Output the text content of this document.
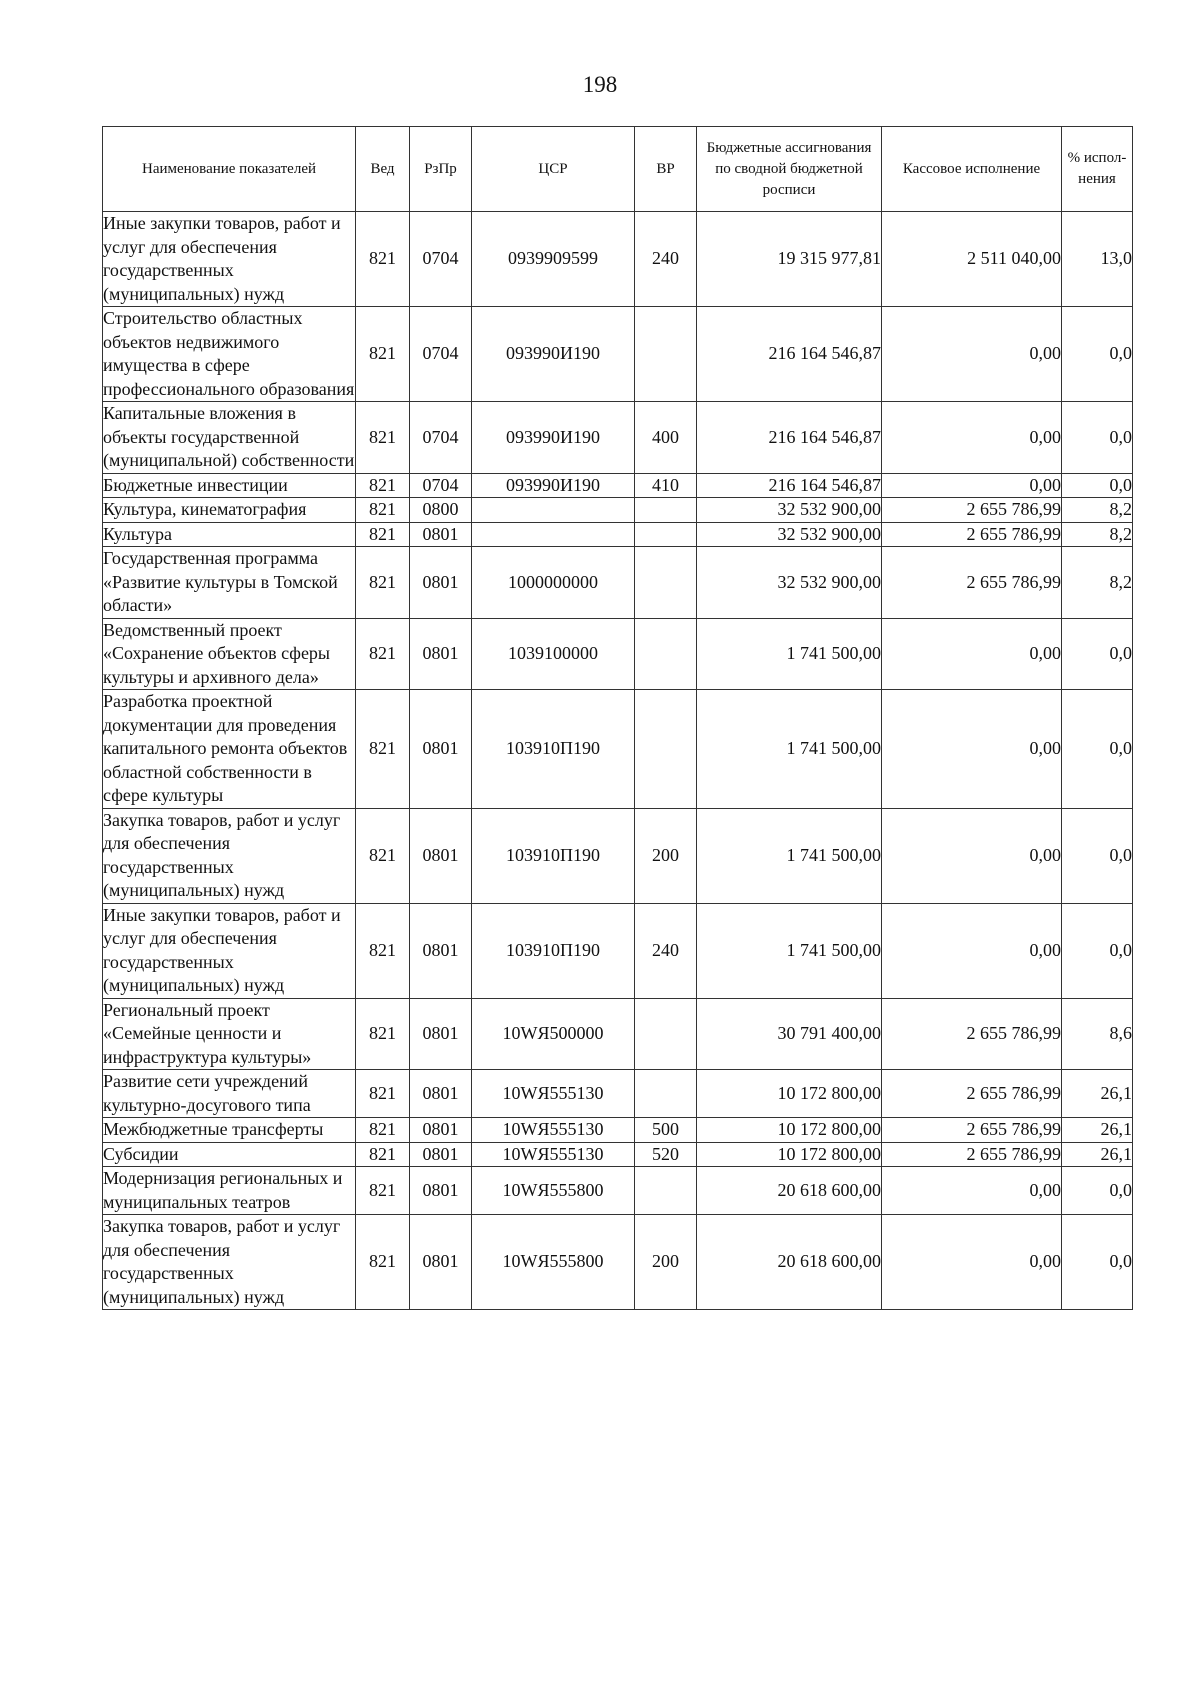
198
Наименование показателей	Вед	РзПр	ЦСР	ВР	Бюджетные ассигнования по сводной бюджетной росписи	Кассовое исполнение	% испол-нения
Иные закупки товаров, работ и услуг для обеспечения государственных (муниципальных) нужд	821	0704	0939909599	240	19 315 977,81	2 511 040,00	13,0
Строительство областных объектов недвижимого имущества в сфере профессионального образования	821	0704	093990И190		216 164 546,87	0,00	0,0
Капитальные вложения в объекты государственной (муниципальной) собственности	821	0704	093990И190	400	216 164 546,87	0,00	0,0
Бюджетные инвестиции	821	0704	093990И190	410	216 164 546,87	0,00	0,0
Культура, кинематография	821	0800			32 532 900,00	2 655 786,99	8,2
Культура	821	0801			32 532 900,00	2 655 786,99	8,2
Государственная программа «Развитие культуры в Томской области»	821	0801	1000000000		32 532 900,00	2 655 786,99	8,2
Ведомственный проект «Сохранение объектов сферы культуры и архивного дела»	821	0801	1039100000		1 741 500,00	0,00	0,0
Разработка проектной документации для проведения капитального ремонта объектов областной собственности в сфере культуры	821	0801	103910П190		1 741 500,00	0,00	0,0
Закупка товаров, работ и услуг для обеспечения государственных (муниципальных) нужд	821	0801	103910П190	200	1 741 500,00	0,00	0,0
Иные закупки товаров, работ и услуг для обеспечения государственных (муниципальных) нужд	821	0801	103910П190	240	1 741 500,00	0,00	0,0
Региональный проект «Семейные ценности и инфраструктура культуры»	821	0801	10WЯ500000		30 791 400,00	2 655 786,99	8,6
Развитие сети учреждений культурно-досугового типа	821	0801	10WЯ555130		10 172 800,00	2 655 786,99	26,1
Межбюджетные трансферты	821	0801	10WЯ555130	500	10 172 800,00	2 655 786,99	26,1
Субсидии	821	0801	10WЯ555130	520	10 172 800,00	2 655 786,99	26,1
Модернизация региональных и муниципальных театров	821	0801	10WЯ555800		20 618 600,00	0,00	0,0
Закупка товаров, работ и услуг для обеспечения государственных (муниципальных) нужд	821	0801	10WЯ555800	200	20 618 600,00	0,00	0,0
